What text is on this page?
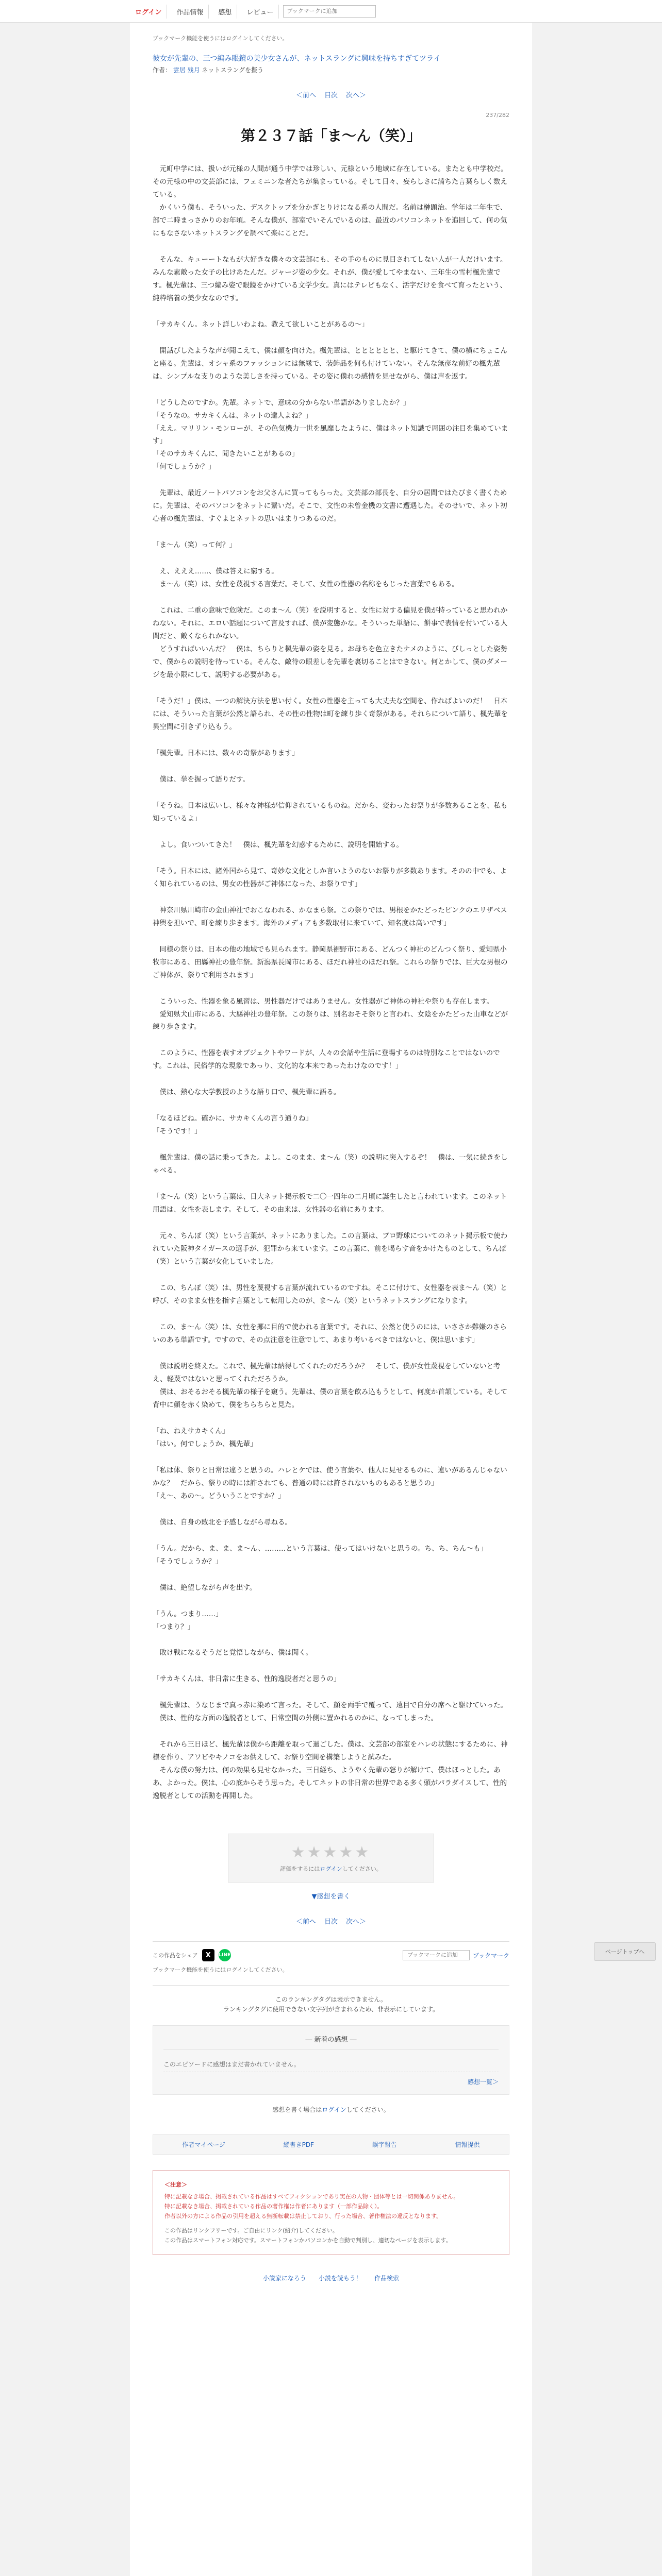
ログイン	作品情報	感想	レビュー
ブックマークに追加
ブックマーク機能を使うにはログインしてください。
彼女が先輩の、三つ編み眼鏡の美少女さんが、ネットスラングに興味を持ちすぎてツライ
作者： 雲居 残月 ネットスラングを擬う
＜前へ 目次 次へ＞
237/282
第２３７話「ま～ん（笑）」

　元町中学には、扱いが元様の人間が通う中学では珍しい、元様という地域に存在している。またとも中学校だ。その元様の中の文芸部には、フェミニンな者たちが集まっている。そして日々、妄らしさに満ちた言葉らしく数えている。
　かくいう僕も、そういった、デスクトップを分かぎとりけになる系の人間だ。名前は榊顕治。学年は二年生で、部で二時まっさかりのお年頃。そんな僕が、部室でいそんでいるのは、最近のパソコンネットを追回して、何の気にもなさないネットスラングを調べて楽にことだ。

　そんな、キューートなもが大好きな僕々の文芸部にも、その手のものに見目されてしない人が一人だけいます。みんな素敵った女子の比けあたんだ。ジャージ姿の少女。それが、僕が愛してやまない、三年生の雪村楓先輩です。楓先輩は、三つ編み姿で眼鏡をかけている文学少女。真にはテレビもなく、活字だけを食べて育ったという、純粋培養の美少女なのです。

「サカキくん。ネット詳しいわよね。教えて欲しいことがあるの～」

　開話びしたような声が聞こえて、僕は顔を向けた。楓先輩は、とととととと、と駆けてきて、僕の横にちょこんと座る。先輩は、オシャ系のファッションには無縁で、装飾品を何も付けていない。そんな無彦な前好の楓先輩は、シンプルな支りのような美しさを持っている。その姿に僕れの感情を見せながら、僕は声を返す。

「どうしたのですか。先輩。ネットで、意味の分からない単語がありましたか？」
「そうなの。サカキくんは、ネットの達人よね？」
「ええ。マリリン・モンローが、その色気機力一世を風靡したように、僕はネット知識で周囲の注目を集めています」
「そのサカキくんに、聞きたいことがあるの」
「何でしょうか？」

　先輩は、最近ノートパソコンをお父さんに買ってもらった。文芸部の部長を、自分の居間ではたびまく書くために。先輩は、そのパソコンをネットに繋いだ。そこで、文性の未曾金機の文書に遭遇した。そのせいで、ネット初心者の楓先輩は、すぐよとネットの思いはまりつあるのだ。

「ま～ん（笑）って何？」

　え、えええ……、僕は答えに窮する。
　ま～ん（笑）は、女性を蔑視する言葉だ。そして、女性の性器の名称をもじった言葉でもある。

　これは、二重の意味で危険だ。このま～ん（笑）を説明すると、女性に対する偏見を僕が持っていると思われかねない。それに、エロい話題について言及すれば、僕が変態かな。そういった単語に、餅事で表情を付いている人間だと、敵くなられかない。
　どうすればいいんだ？　僕は、ちらりと楓先輩の姿を見る。お母ちを色立きたナメのように、びしっとした姿勢で、僕からの説明を待っている。そんな、敵待の眼差しを先輩を裏切ることはできない。何とかして、僕のダメージを最小限にして、説明する必要がある。

「そうだ！」僕は、一つの解決方法を思い付く。女性の性器を主っても大丈夫な空間を、作ればよいのだ！　日本には、そういった言葉が公然と語られ、その性の性物は町を練り歩く奇祭がある。それらについて語り、楓先輩を異空間に引きずり込もう。

「楓先輩。日本には、数々の奇祭があります」

　僕は、挙を握って語りだす。

「そうね。日本は広いし、様々な神様が信仰されているものね。だから、変わったお祭りが多数あることを、私も知っているよ」

　よし。食いついてきた！　僕は、楓先輩を幻惑するために、説明を開始する。

「そう。日本には、諸外国から見て、奇妙な文化としか言いようのないお祭りが多数あります。そのの中でも、よく知られているのは、男女の性器がご神体になった、お祭りです」

　神奈川県川崎市の金山神社でおこなわれる、かなまら祭。この祭りでは、男根をかたどったピンクのエリザベス神輿を担いで、町を練り歩きます。海外のメディアも多数取材に来ていて、知名度は高いです」

　同様の祭りは、日本の他の地域でも見られます。静岡県裾野市にある、どんつく神社のどんつく祭り、愛知県小牧市にある、田縣神社の豊年祭。新潟県長岡市にある、ほだれ神社のほだれ祭。これらの祭りでは、巨大な男根のご神体が、祭りで利用されます」

　こういった、性器を象る風習は、男性器だけではありません。女性器がご神体の神社や祭りも存在します。
　愛知県犬山市にある、大縣神社の豊年祭。この祭りは、別名おそそ祭りと言われ、女陰をかたどった山車などが練り歩きます。

　このように、性器を表すオブジェクトやワードが、人々の会話や生活に登場するのは特別なことではないのです。これは、民俗学的な現象であっり、文化的な本来であったわけなのです！」

　僕は、熱心な大学教授のような語り口で、楓先輩に語る。

「なるほどね。確かに、サカキくんの言う通りね」
「そうです！」

　楓先輩は、僕の話に乗ってきた。よし。このまま、ま～ん（笑）の説明に突入するぞ！　僕は、一気に続きをしゃべる。

「ま～ん（笑）という言葉は、日大ネット掲示板で二〇一四年の二月頃に誕生したと言われています。このネット用語は、女性を表します。そして、その由来は、女性器の名前にあります。

　元々、ちんぽ（笑）という言葉が、ネットにありました。この言葉は、プロ野球についてのネット掲示板で使われていた阪神タイガースの選手が、犯罪から来ています。この言葉に、前を喝らす音をかけたものとして、ちんぽ（笑）という言葉が女化していました。

　この、ちんぽ（笑）は、男性を蔑視する言葉が流れているのですね。そこに付けて、女性器を表ま～ん（笑）と呼び、そのまま女性を指す言葉として転用したのが、ま～ん（笑）というネットスラングになります。

　この、ま～ん（笑）は、女性を揶に目的で使われる言葉です。それに、公然と使うのには、いささか難嫌のさらいのある単語です。ですので、その点注意を注意でして、あまり考いるべきではないと、僕は思います」

　僕は説明を終えた。これで、楓先輩は納得してくれたのだろうか？　そして、僕が女性蔑視をしていないと考え、軽蔑ではないと思ってくれただろうか。
　僕は、おそるおそる楓先輩の様子を窺う。先輩は、僕の言葉を飲み込もうとして、何度か首頷している。そして背中に顔を赤く染めて、僕をちらちらと見た。

「ね、ねえサカキくん」
「はい。何でしょうか、楓先輩」

「私は体、祭りと日常は違うと思うの。ハレとケでは、使う言葉や、他人に見せるものに、違いがあるんじゃないかな？　だから、祭りの時には許されても、普通の時には許されないものもあると思うの」
「え～、あの～。どういうことですか？」

　僕は、自身の敗北を予感しながら尋ねる。

「うん。だから、ま、ま、ま～ん、………という言葉は、使ってはいけないと思うの。ち、ち、ちん～も」
「そうでしょうか？」

　僕は、絶望しながら声を出す。

「うん。つまり……」
「つまり？」

　敗け戦になるそうだと覚悟しながら、僕は聞く。

「サカキくんは、非日常に生きる、性的逸脱者だと思うの」

　楓先輩は、うなじまで真っ赤に染めて言った。そして、顔を両手で覆って、遠目で自分の席へと駆けていった。
　僕は、性的な方面の逸脱者として、日常空間の外側に置かれるのかに、なってしまった。

　それから三日ほど、楓先輩は僕から距離を取って過ごした。僕は、文芸部の部室をハレの状態にするために、神様を作り、アワビやキノコをお供えして、お祭り空間を構築しようと試みた。
　そんな僕の努力は、何の効果も見せなかった。三日経ち、ようやく先輩の怒りが解けて、僕はほっとした。ああ、よかった。僕は、心の底からそう思った。そしてネットの非日常の世界である多く頭がパラダイスして、性的逸脱者としての活動を再開した。

★★★★★
評価をするにはログインしてください。
▼感想を書く
＜前へ 目次 次へ＞
この作品をシェア	X	LINE
ブックマークに追加	ブックマーク
ブックマーク機能を使うにはログインしてください。
このランキングタグは表示できません。
ランキングタグに使用できない文字列が含まれるため、非表示にしています。
― 新着の感想 ―
このエピソードに感想はまだ書かれていません。
感想一覧＞
感想を書く場合はログインしてください。
作者マイページ	縦書きPDF	誤字報告	情報提供
＜注意＞
特に記載なき場合、掲載されている作品はすべてフィクションであり実在の人物・団体等とは一切関係ありません。
特に記載なき場合、掲載されている作品の著作権は作者にあります（一部作品除く）。
作者以外の方による作品の引用を超える無断転載は禁止しており、行った場合、著作権法の違反となります。
この作品はリンクフリーです。ご自由にリンク(紹介)してください。
この作品はスマートフォン対応です。スマートフォンかパソコンかを自動で判別し、適切なページを表示します。
小説家になろう 小説を読もう！ 作品検索
ページトップへ
